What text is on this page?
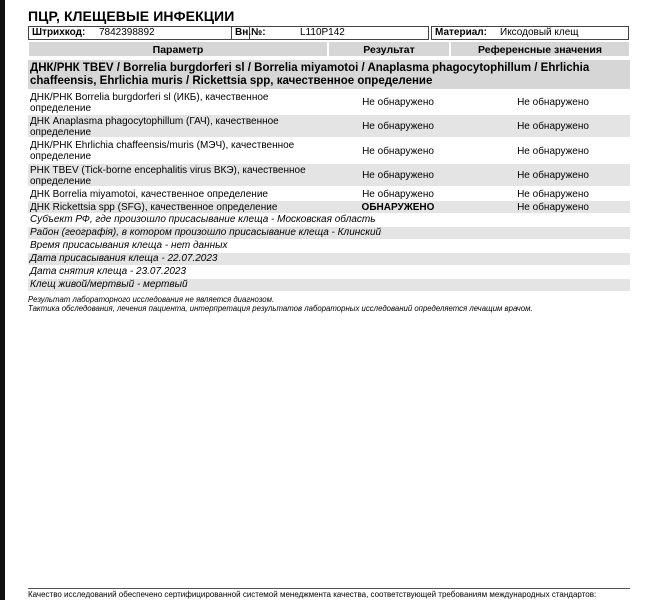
ПЦР, КЛЕЩЕВЫЕ ИНФЕКЦИИ
Штрихкод: 7842398892	Вн.№:	L110P142	Материал: Иксодовый клещ
Параметр	Результат	Референсные значения
ДНК/РНК TBEV / Borrelia burgdorferi sl / Borrelia miyamotoi / Anaplasma phagocytophillum / Ehrlichia chaffeensis, Ehrlichia muris / Rickettsia spp, качественное определение
ДНК/РНК Borrelia burgdorferi sl (ИКБ), качественное определение
Не обнаружено	Не обнаружено
ДНК Anaplasma phagocytophillum (ГАЧ), качественное определение
Не обнаружено	Не обнаружено
ДНК/РНК Ehrlichia chaffeensis/muris (МЭЧ), качественное определение	Не обнаружено	Не обнаружено
РНК TBEV (Tick-borne encephalitis virus ВКЭ), качественное определение
Не обнаружено	Не обнаружено
ДНК Borrelia miyamotoi, качественное определение	Не обнаружено	Не обнаружено
ДНК Rickettsia spp (SFG), качественное определение	ОБНАРУЖЕНО	Не обнаружено
Субъект РФ, где произошло присасывание клеща - Московская область
Район (географія), в котором произошло присасывание клеща - Клинский
Время присасывания клеща - нет данных
Дата присасывания клеща - 22.07.2023
Дата снятия клеща - 23.07.2023
Клещ живой/мертвый - мертвый
Результат лабораторного исследования не является диагнозом.
Тактика обследования, лечения пациента, интерпретация результатов лабораторных исследований определяется лечащим врачом.
Качество исследований обеспечено сертифицированной системой менеджмента качества, соответствующей требованиям международных стандартов:
